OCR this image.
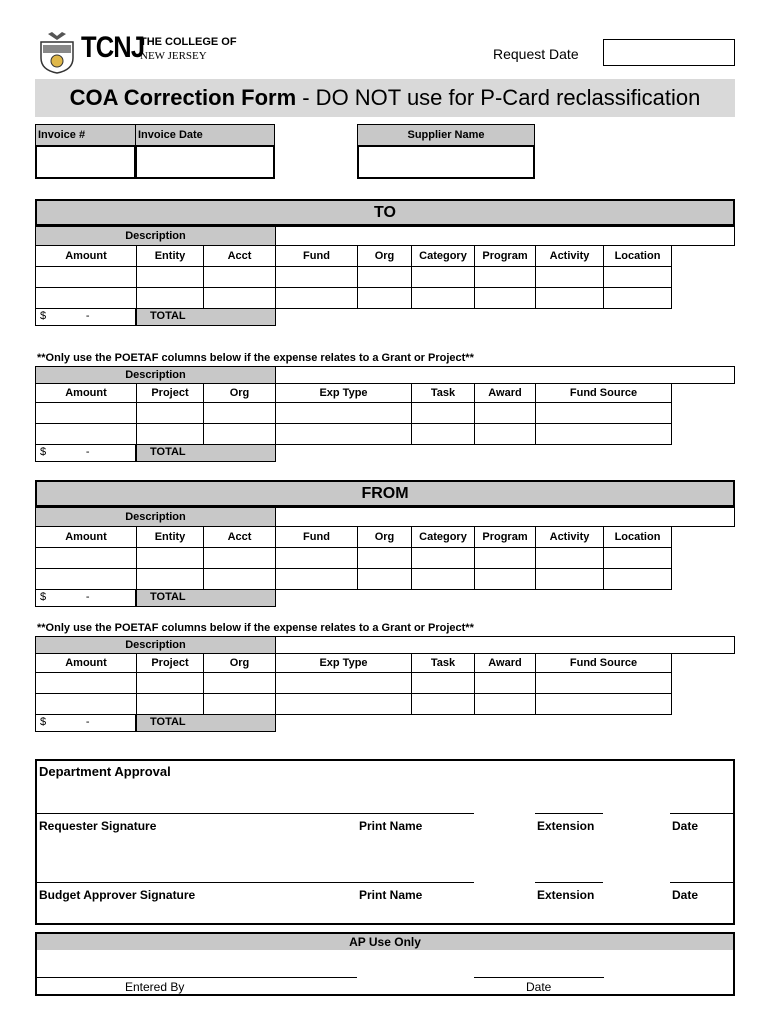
TCNJ
THE COLLEGE OF
NEW JERSEY	Request Date
COA Correction Form - DO NOT use for P-Card reclassification
Invoice #	Invoice Date	Supplier Name
TO
Description
Amount	Entity	Acct	Fund	Org	Category	Program	Activity	Location
$             -	TOTAL
**Only use the POETAF columns below if the expense relates to a Grant or Project**
Description
Amount	Project	Org	Exp Type	Task	Award	Fund Source
$             -	TOTAL
FROM
Description
Amount	Entity	Acct	Fund	Org	Category	Program	Activity	Location
$             -	TOTAL
**Only use the POETAF columns below if the expense relates to a Grant or Project**
Description
Amount	Project	Org	Exp Type	Task	Award	Fund Source
$             -	TOTAL
Department Approval
Requester Signature	Print Name	Extension	Date
Budget Approver Signature	Print Name	Extension	Date
AP Use Only
Entered By	Date
